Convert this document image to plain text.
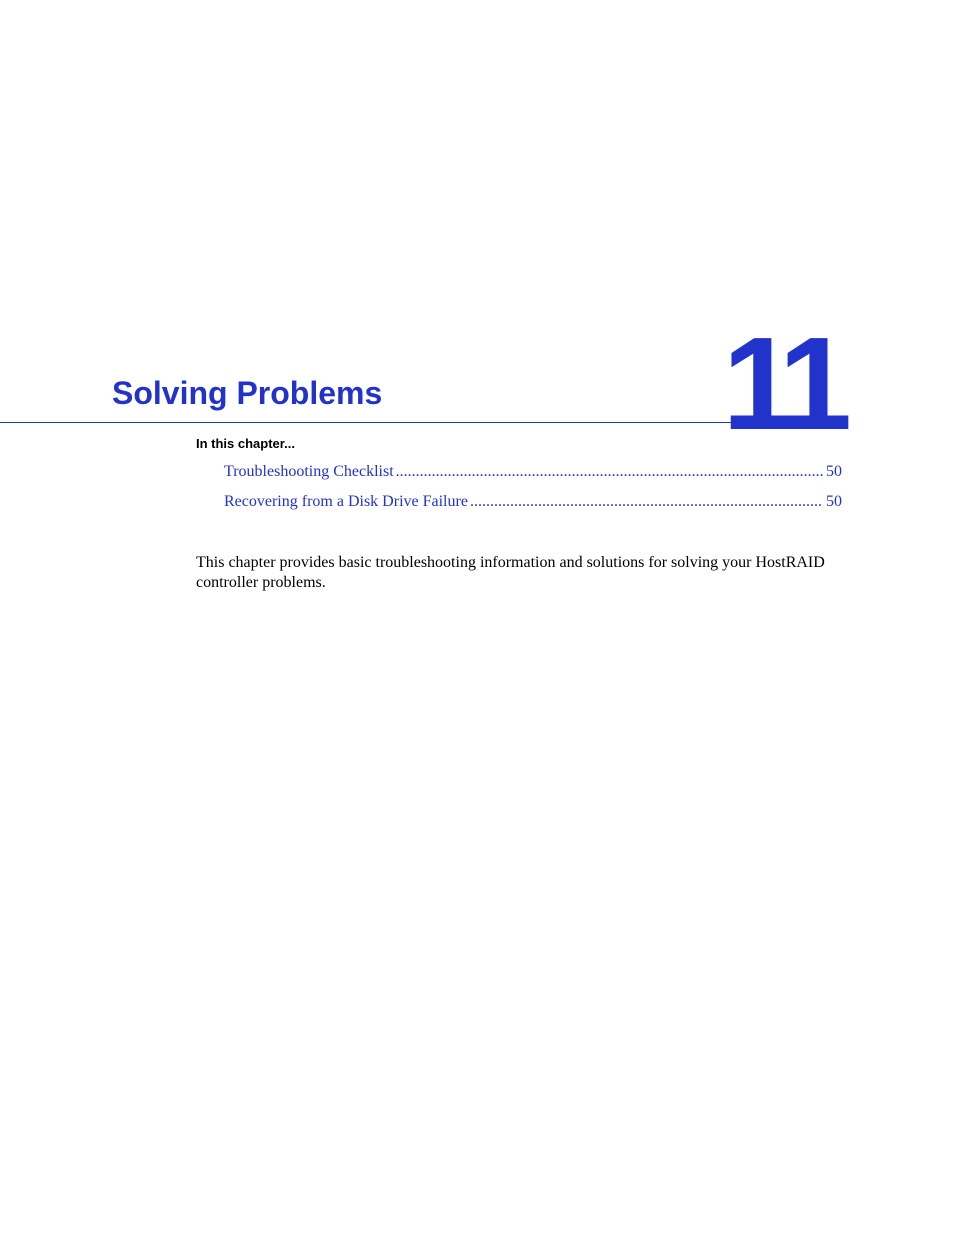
11
Solving Problems
In this chapter...
Troubleshooting Checklist .....	50
Recovering from a Disk Drive Failure .....	50

This chapter provides basic troubleshooting information and solutions for solving your HostRAID controller problems.
